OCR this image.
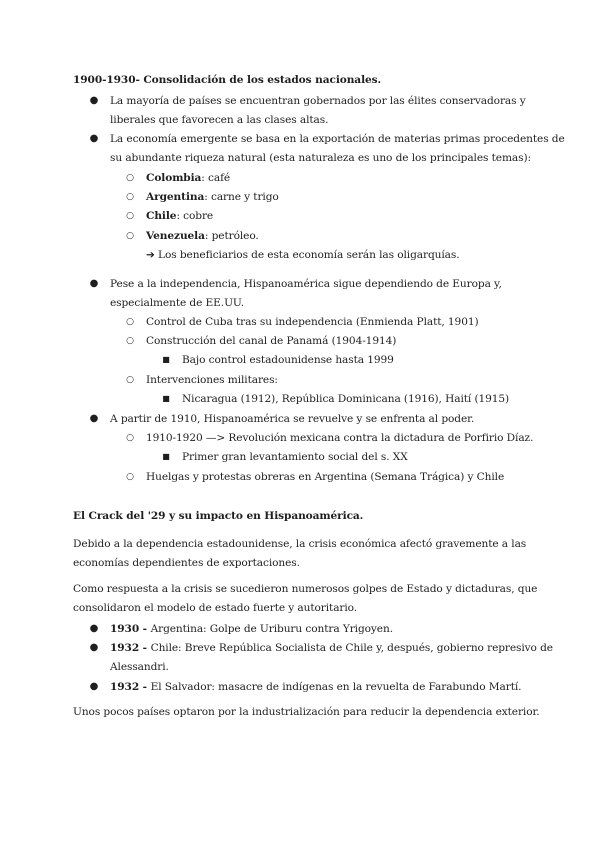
1900-1930- Consolidación de los estados nacionales.
● La mayoría de países se encuentran gobernados por las élites conservadoras y
liberales que favorecen a las clases altas.
● La economía emergente se basa en la exportación de materias primas procedentes de
su abundante riqueza natural (esta naturaleza es uno de los principales temas):
○ Colombia: café
○ Argentina: carne y trigo
○ Chile: cobre
○ Venezuela: petróleo.
➔ Los beneficiarios de esta economía serán las oligarquías.
● Pese a la independencia, Hispanoamérica sigue dependiendo de Europa y,
especialmente de EE.UU.
○ Control de Cuba tras su independencia (Enmienda Platt, 1901)
○ Construcción del canal de Panamá (1904-1914)
■	Bajo control estadounidense hasta 1999
○ Intervenciones militares:
■	Nicaragua (1912), República Dominicana (1916), Haití (1915)
● A partir de 1910, Hispanoamérica se revuelve y se enfrenta al poder.
○ 1910-1920 —> Revolución mexicana contra la dictadura de Porfirio Díaz.
■	Primer gran levantamiento social del s. XX
○ Huelgas y protestas obreras en Argentina (Semana Trágica) y Chile
El Crack del '29 y su impacto en Hispanoamérica.
Debido a la dependencia estadounidense, la crisis económica afectó gravemente a las
economías dependientes de exportaciones.
Como respuesta a la crisis se sucedieron numerosos golpes de Estado y dictaduras, que
consolidaron el modelo de estado fuerte y autoritario.
● 1930 - Argentina: Golpe de Uriburu contra Yrigoyen.
● 1932 - Chile: Breve República Socialista de Chile y, después, gobierno represivo de
Alessandri.
● 1932 - El Salvador: masacre de indígenas en la revuelta de Farabundo Martí.
Unos pocos países optaron por la industrialización para reducir la dependencia exterior.
